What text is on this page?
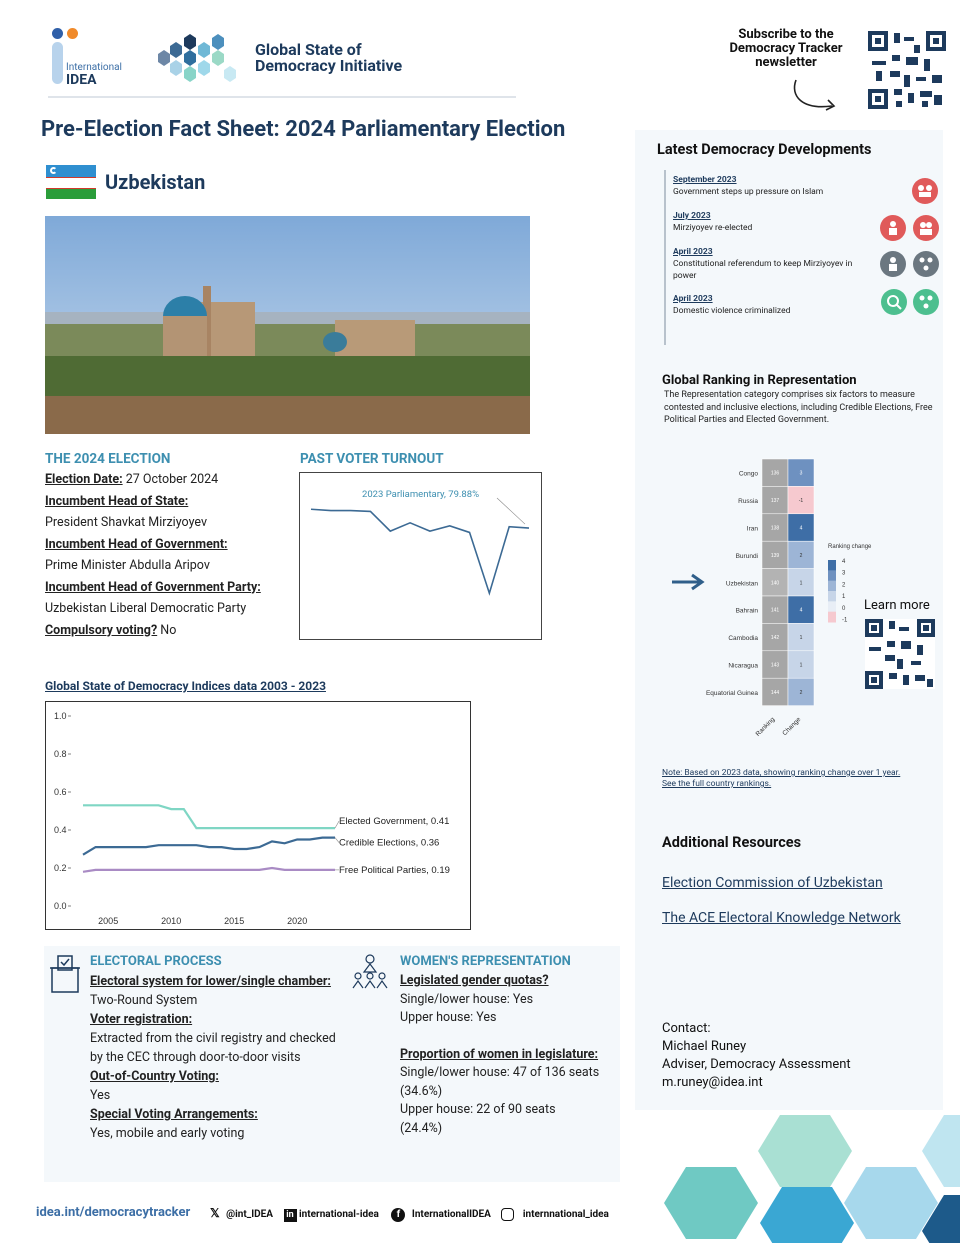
International
IDEA
Global State of
Democracy Initiative
Subscribe to the
Democracy Tracker
newsletter
Pre-Election Fact Sheet: 2024 Parliamentary Election
Uzbekistan
THE 2024 ELECTION
Election Date: 27 October 2024
Incumbent Head of State:
President Shavkat Mirziyoyev
Incumbent Head of Government:
Prime Minister Abdulla Aripov
Incumbent Head of Government Party:
Uzbekistan Liberal Democratic Party
Compulsory voting? No
PAST VOTER TURNOUT
2023 Parliamentary, 79.88%
Global State of Democracy Indices data 2003 - 2023
0.0
0.2
0.4
0.6
0.8
1.0
2005	2010	2015	2020
Elected Government, 0.41
Credible Elections, 0.36
Free Political Parties, 0.19
ELECTORAL PROCESS
Electoral system for lower/single chamber:
Two-Round System
Voter registration:
Extracted from the civil registry and checked by the CEC through door-to-door visits
Out-of-Country Voting:
Yes
Special Voting Arrangements:
Yes, mobile and early voting
WOMEN'S REPRESENTATION
Legislated gender quotas?
Single/lower house: Yes
Upper house: Yes
Proportion of women in legislature:
Single/lower house: 47 of 136 seats (34.6%)
Upper house: 22 of 90 seats (24.4%)
idea.int/democracytracker 𝕏 @int_IDEA in international-idea f InternationalIDEA	internnational_idea
Latest Democracy Developments
September 2023
Government steps up pressure on Islam
July 2023
Mirziyoyev re-elected
April 2023
Constitutional referendum to keep Mirziyoyev in power
April 2023
Domestic violence criminalized
Global Ranking in Representation
The Representation category comprises six factors to measure contested and inclusive elections, including Credible Elections, Free Political Parties and Elected Government.
Congo	136	3
Russia	137	-1
Iran	138	4
Burundi	139	2
Uzbekistan	140	1
Bahrain	141	4
Cambodia	142	1
Nicaragua	143	1
Equatorial Guinea	144	2
Ranking Change
Ranking change
4
3
2
1
0
-1
Learn more
Note: Based on 2023 data, showing ranking change over 1 year.
See the full country rankings.
Additional Resources
Election Commission of Uzbekistan
The ACE Electoral Knowledge Network
Contact:
Michael Runey
Adviser, Democracy Assessment
m.runey@idea.int
